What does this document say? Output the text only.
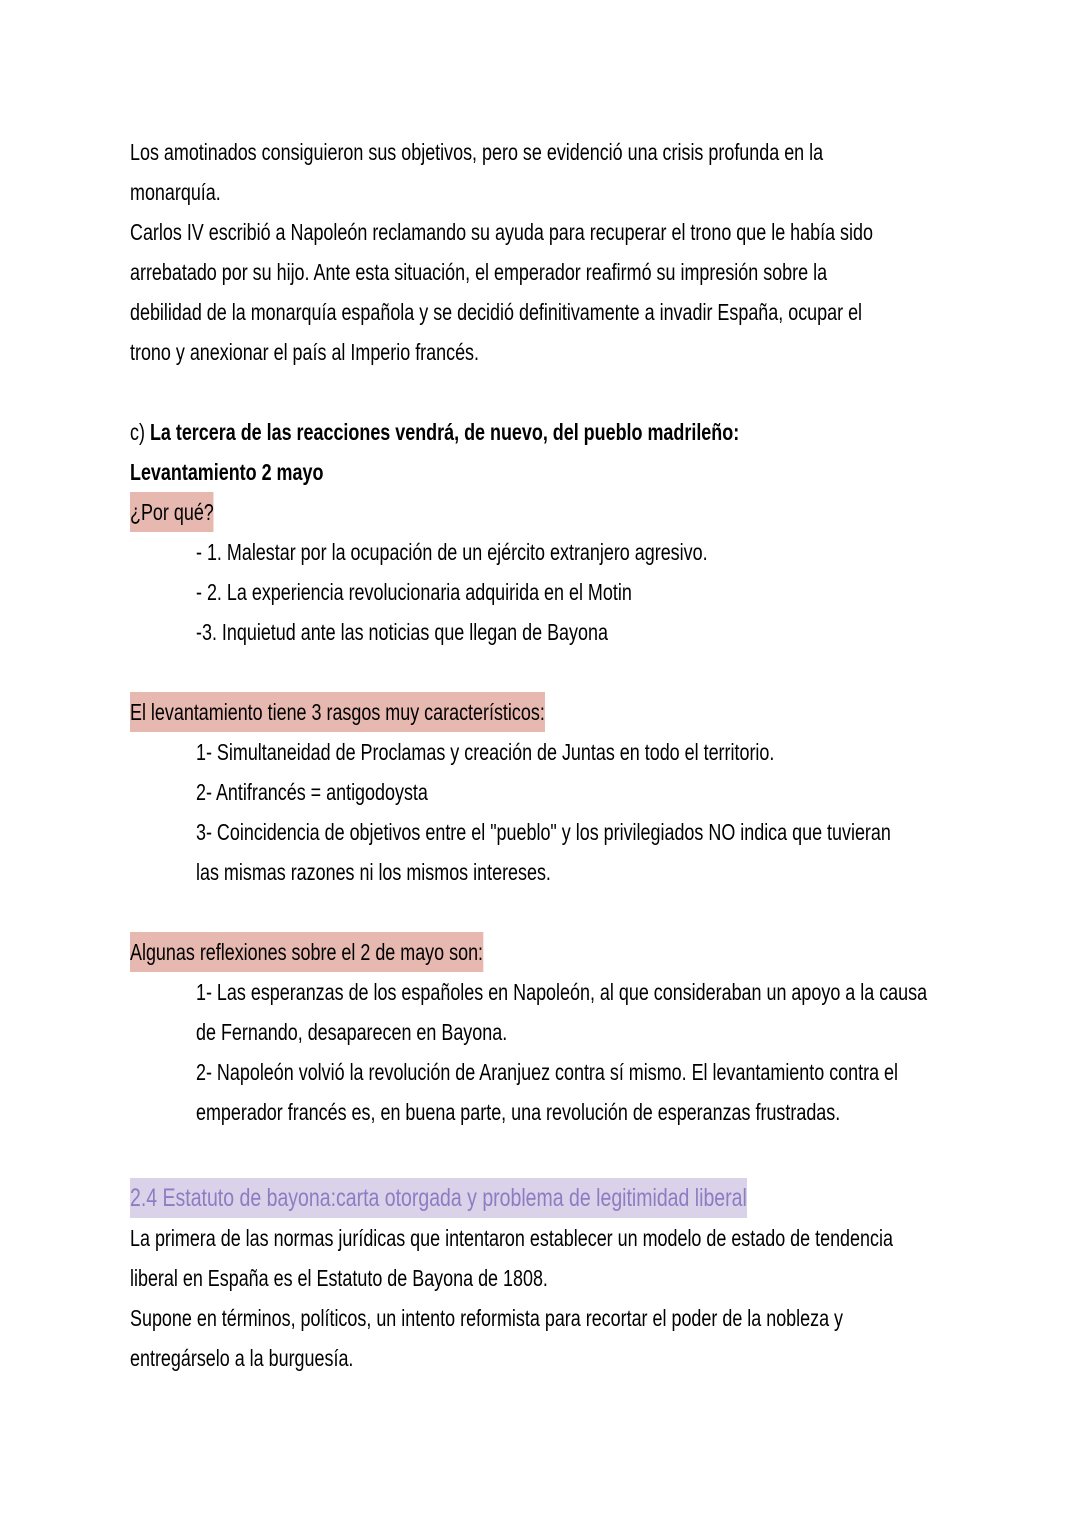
Los amotinados consiguieron sus objetivos, pero se evidenció una crisis profunda en la
monarquía.
Carlos IV escribió a Napoleón reclamando su ayuda para recuperar el trono que le había sido
arrebatado por su hijo. Ante esta situación, el emperador reafirmó su impresión sobre la
debilidad de la monarquía española y se decidió definitivamente a invadir España, ocupar el
trono y anexionar el país al Imperio francés.
c) La tercera de las reacciones vendrá, de nuevo, del pueblo madrileño:
Levantamiento 2 mayo
¿Por qué?
- 1. Malestar por la ocupación de un ejército extranjero agresivo.
- 2. La experiencia revolucionaria adquirida en el Motin
-3. Inquietud ante las noticias que llegan de Bayona
El levantamiento tiene 3 rasgos muy característicos:
1- Simultaneidad de Proclamas y creación de Juntas en todo el territorio.
2- Antifrancés = antigodoysta
3- Coincidencia de objetivos entre el "pueblo" y los privilegiados NO indica que tuvieran
las mismas razones ni los mismos intereses.
Algunas reflexiones sobre el 2 de mayo son:
1- Las esperanzas de los españoles en Napoleón, al que consideraban un apoyo a la causa
de Fernando, desaparecen en Bayona.
2- Napoleón volvió la revolución de Aranjuez contra sí mismo. El levantamiento contra el
emperador francés es, en buena parte, una revolución de esperanzas frustradas.
2.4 Estatuto de bayona:carta otorgada y problema de legitimidad liberal
La primera de las normas jurídicas que intentaron establecer un modelo de estado de tendencia
liberal en España es el Estatuto de Bayona de 1808.
Supone en términos, políticos, un intento reformista para recortar el poder de la nobleza y
entregárselo a la burguesía.
